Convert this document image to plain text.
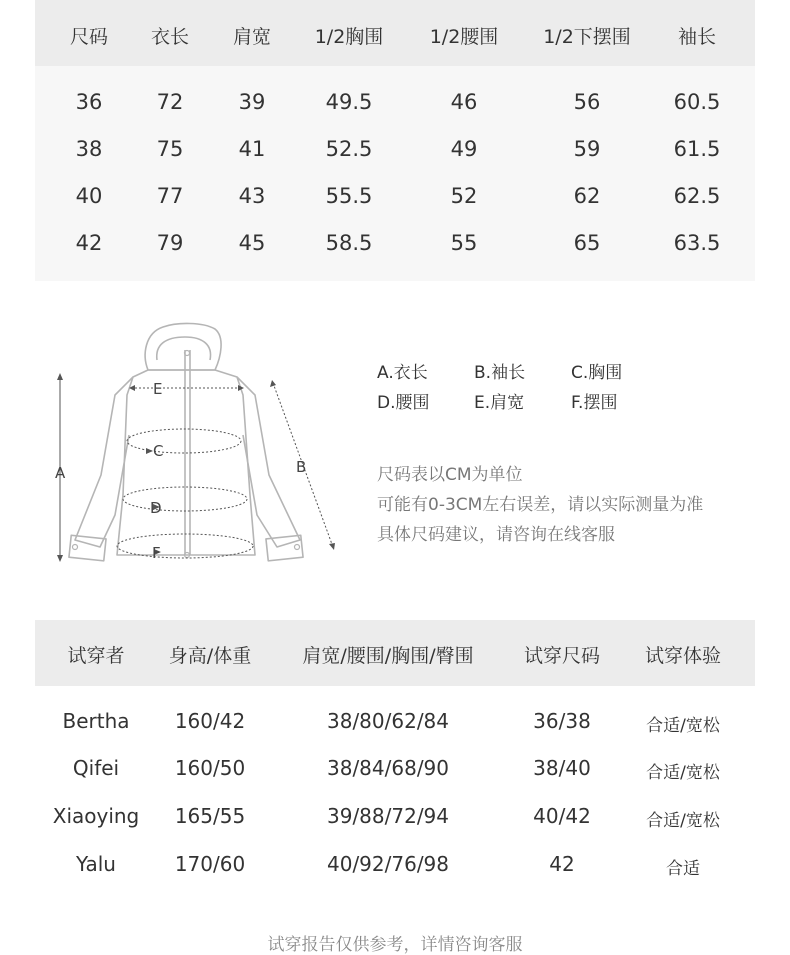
尺码 衣长 肩宽 1/2胸围 1/2腰围 1/2下摆围 袖长
36	72	39	49.5	46	56	60.5
38	75	41	52.5	49	59	61.5
40	77	43	55.5	52	62	62.5
42	79	45	58.5	55	65	63.5
A	B
C
D
E
F
A.衣长	B.袖长	C.胸围
D.腰围	E.肩宽	F.摆围
尺码表以CM为单位
可能有0-3CM左右误差，请以实际测量为准
具体尺码建议，请咨询在线客服
试穿者 身高/体重	肩宽/腰围/胸围/臀围	试穿尺码 试穿体验
Bertha 160/42	38/80/62/84	36/38	合适/宽松
Qifei	160/50	38/84/68/90	38/40	合适/宽松
Xiaoying 165/55	39/88/72/94	40/42	合适/宽松
Yalu	170/60	40/92/76/98	42	合适
试穿报告仅供参考，详情咨询客服
